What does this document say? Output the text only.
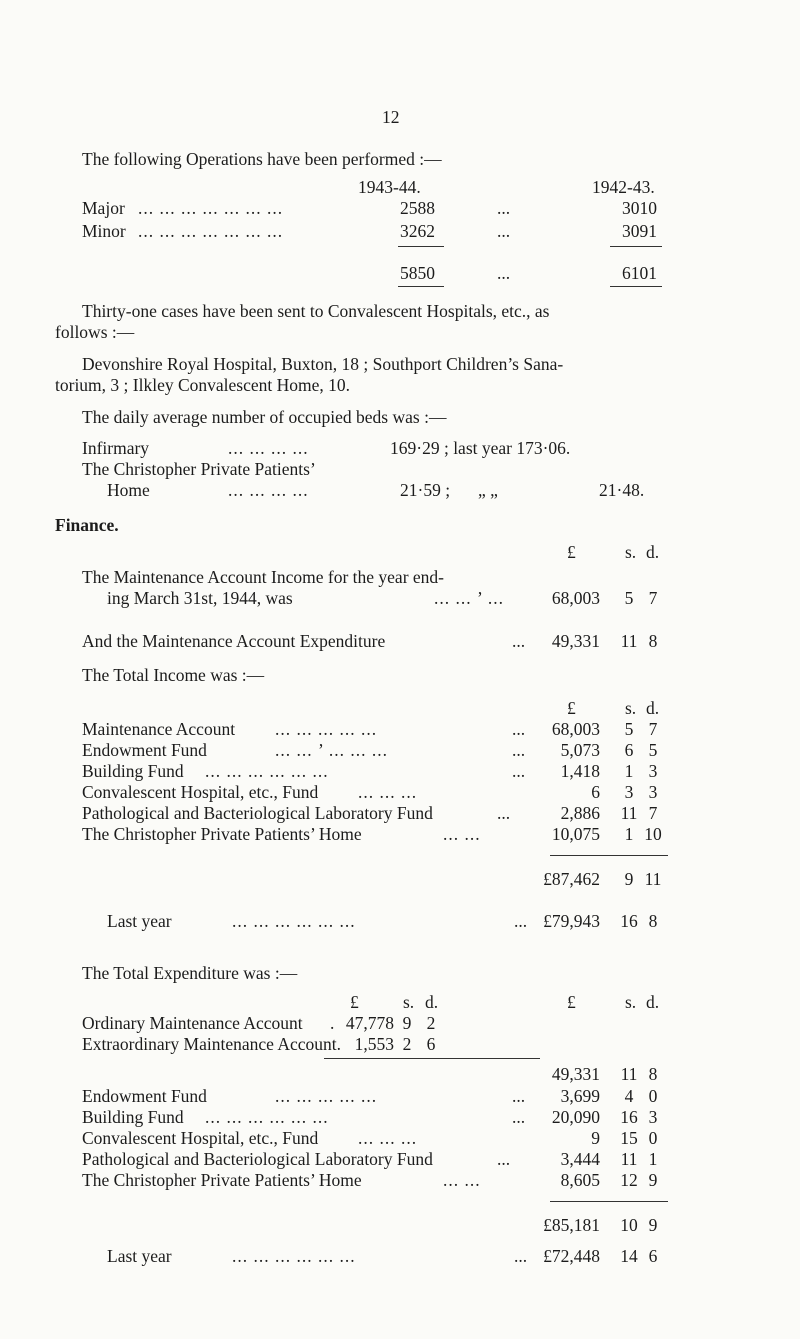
12
The following Operations have been performed :—
1943-44.	1942-43.
Major ... ... ... ... ... ... ...	2588	...	3010
Minor ... ... ... ... ... ... ...	3262	...	3091
5850	...	6101
Thirty-one cases have been sent to Convalescent Hospitals, etc., as
follows :—
Devonshire Royal Hospital, Buxton, 18 ; Southport Children’s Sana-
torium, 3 ; Ilkley Convalescent Home, 10.
The daily average number of occupied beds was :—
Infirmary	... ... ... ...	169·29 ; last year 173·06.
The Christopher Private Patients’
Home	... ... ... ...	21·59 ; „ „	21·48.
Finance.
£	s. d.
The Maintenance Account Income for the year end-
ing March 31st, 1944, was	... ... ’ ...	68,003	5 7
And the Maintenance Account Expenditure	...	49,331 11 8
The Total Income was :—
£	s. d.
Maintenance Account ... ... ... ... ...	...	68,003	5 7
Endowment Fund	... ... ’ ... ... ...	...	5,073	6 5
Building Fund ... ... ... ... ... ...	...	1,418	1 3
Convalescent Hospital, etc., Fund ... ... ...	6	3 3
Pathological and Bacteriological Laboratory Fund	...	2,886 11 7
The Christopher Private Patients’ Home	... ...	10,075	1 10
£87,462	9 11
Last year	... ... ... ... ... ...	... £79,943 16 8
The Total Expenditure was :—
£	s. d.	£	s. d.
Ordinary Maintenance Account . 47,778 9 2
Extraordinary Maintenance Account. 1,553 2 6
49,331 11 8
Endowment Fund	... ... ... ... ...	...	3,699	4 0
Building Fund ... ... ... ... ... ...	...	20,090 16 3
Convalescent Hospital, etc., Fund ... ... ...	9 15 0
Pathological and Bacteriological Laboratory Fund	...	3,444 11 1
The Christopher Private Patients’ Home	... ...	8,605 12 9
£85,181 10 9
Last year	... ... ... ... ... ...	... £72,448 14 6
